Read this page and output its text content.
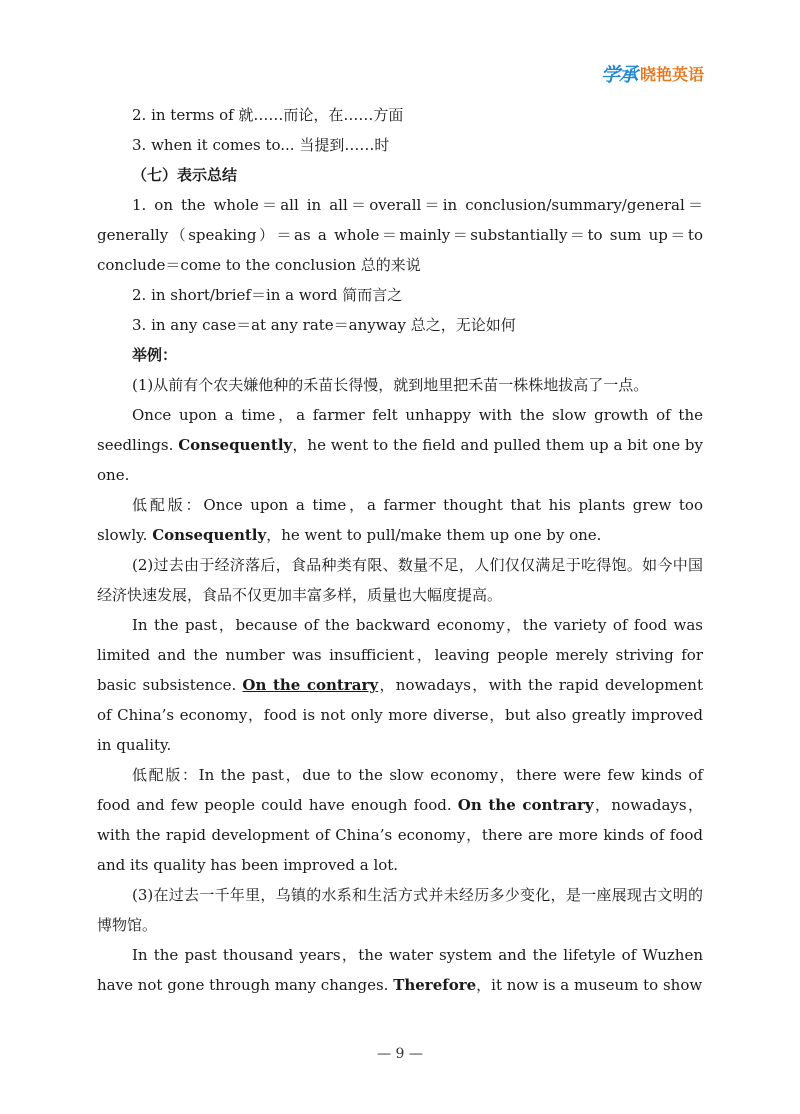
学承 晓艳英语

2. in terms of 就……而论，在……方面

3. when it comes to... 当提到……时

（七）表示总结

1. on the whole＝all in all＝overall＝in conclusion/summary/general＝generally（speaking）＝as a whole＝mainly＝substantially＝to sum up＝to conclude＝come to the conclusion 总的来说

2. in short/brief＝in a word 简而言之

3. in any case＝at any rate＝anyway 总之，无论如何

举例：

(1)从前有个农夫嫌他种的禾苗长得慢，就到地里把禾苗一株株地拔高了一点。

Once upon a time，a farmer felt unhappy with the slow growth of the seedlings. Consequently，he went to the field and pulled them up a bit one by one.

低配版：Once upon a time，a farmer thought that his plants grew too slowly. Consequently，he went to pull/make them up one by one.

(2)过去由于经济落后，食品种类有限、数量不足，人们仅仅满足于吃得饱。如今中国经济快速发展，食品不仅更加丰富多样，质量也大幅度提高。

In the past，because of the backward economy，the variety of food was limited and the number was insufficient，leaving people merely striving for basic subsistence. On the contrary，nowadays，with the rapid development of China’s economy，food is not only more diverse，but also greatly improved in quality.

低配版：In the past，due to the slow economy，there were few kinds of food and few people could have enough food. On the contrary，nowadays，with the rapid development of China’s economy，there are more kinds of food and its quality has been improved a lot.

(3)在过去一千年里，乌镇的水系和生活方式并未经历多少变化，是一座展现古文明的博物馆。

In the past thousand years，the water system and the lifetyle of Wuzhen have not gone through many changes. Therefore，it now is a museum to show

— 9 —
